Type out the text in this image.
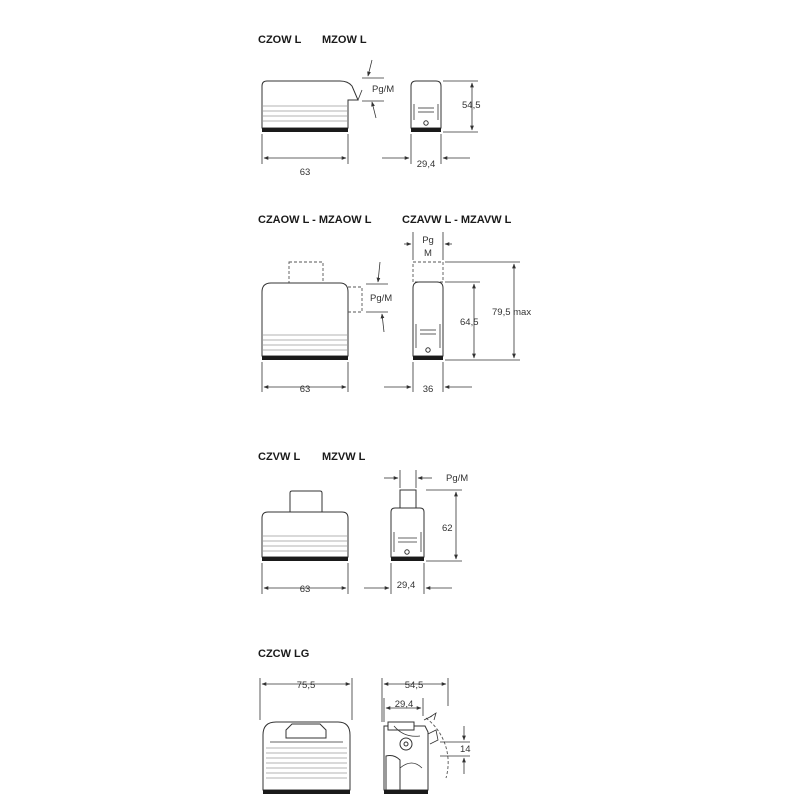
CZOW L MZOW L
63
Pg/M
54,5
29,4
CZAOW L - MZAOW L	CZAVW L - MZAVW L
Pg/M
63
Pg
M
64,5
79,5 max
36
CZVW L MZVW L
63
Pg/M
62
29,4
CZCW LG
75,5	54,5
29,4
14
